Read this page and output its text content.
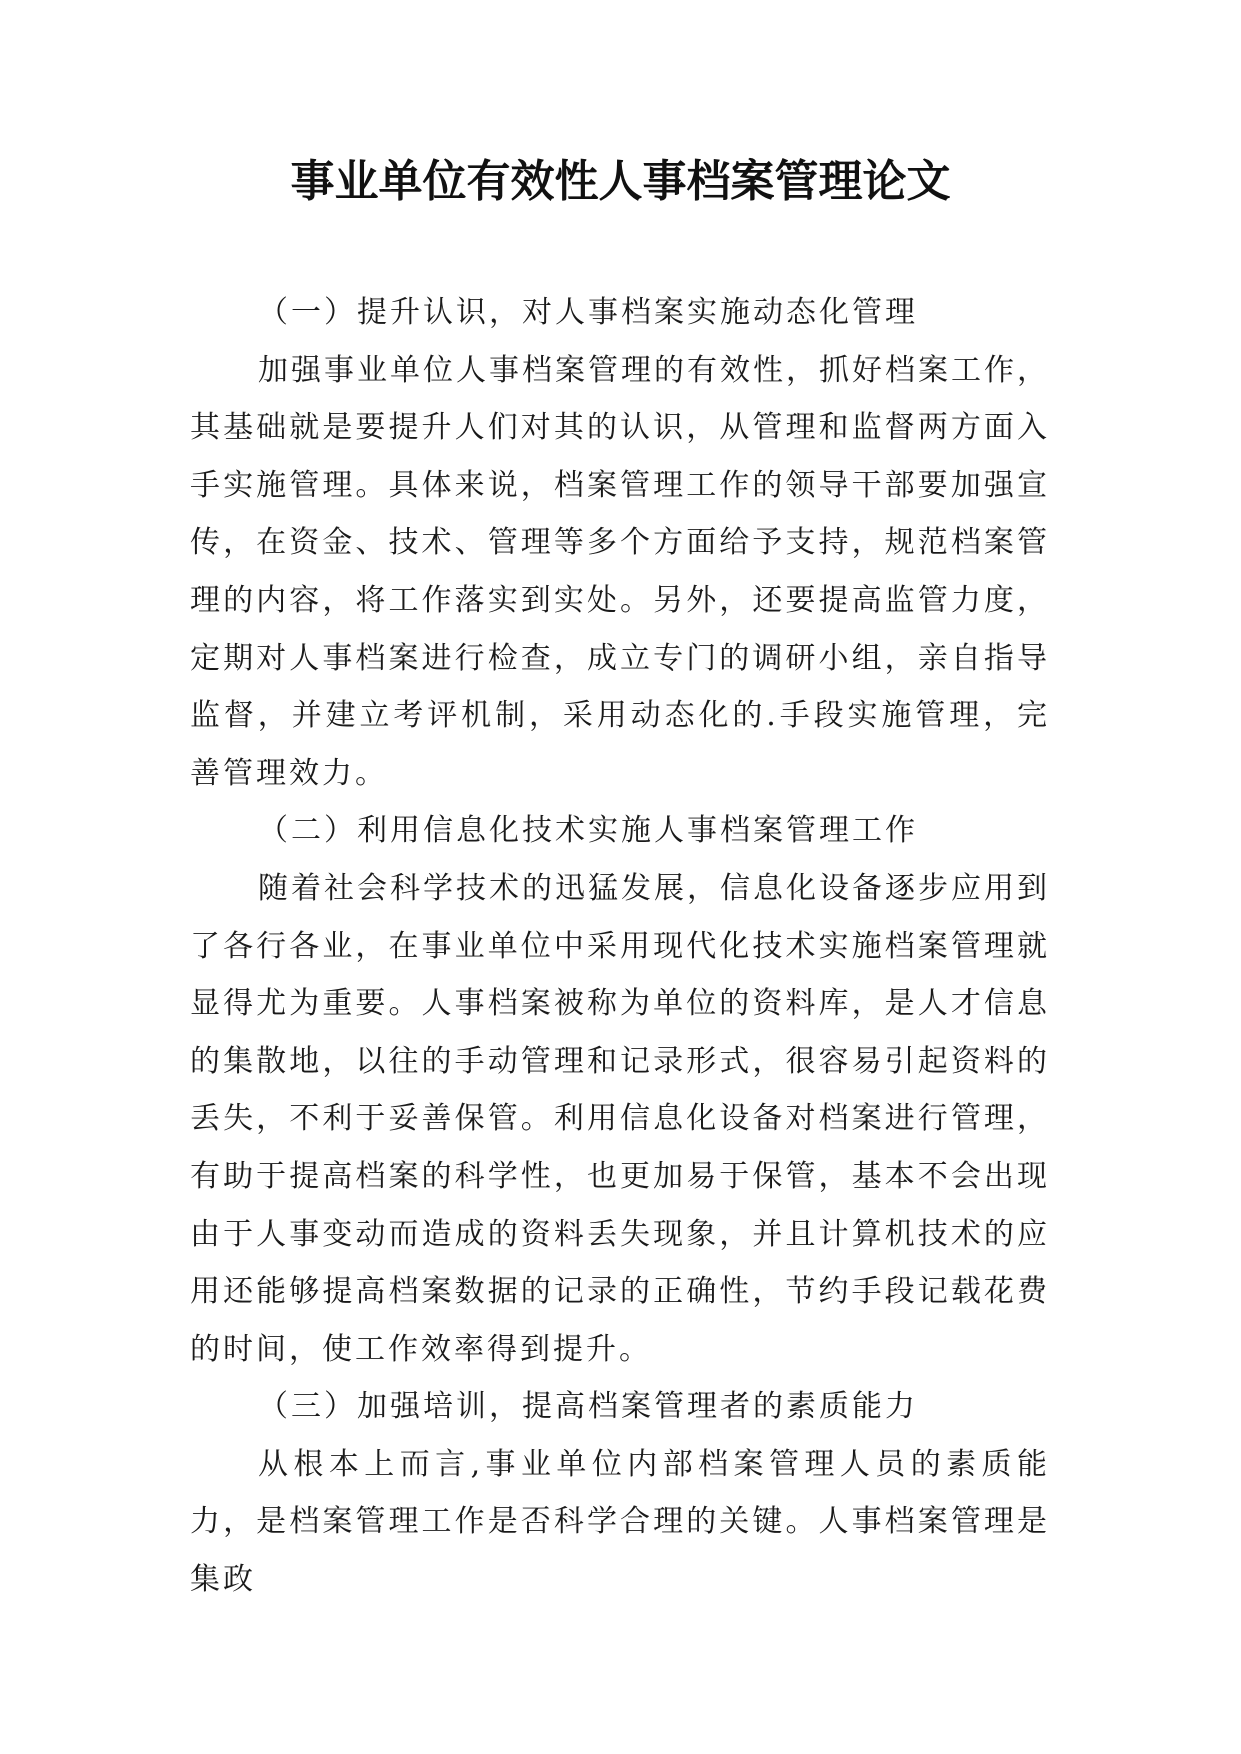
事业单位有效性人事档案管理论文

（一）提升认识，对人事档案实施动态化管理

加强事业单位人事档案管理的有效性，抓好档案工作，其基础就是要提升人们对其的认识，从管理和监督两方面入手实施管理。具体来说，档案管理工作的领导干部要加强宣传，在资金、技术、管理等多个方面给予支持，规范档案管理的内容，将工作落实到实处。另外，还要提高监管力度，定期对人事档案进行检查，成立专门的调研小组，亲自指导监督，并建立考评机制，采用动态化的.手段实施管理，完善管理效力。

（二）利用信息化技术实施人事档案管理工作

随着社会科学技术的迅猛发展，信息化设备逐步应用到了各行各业，在事业单位中采用现代化技术实施档案管理就显得尤为重要。人事档案被称为单位的资料库，是人才信息的集散地，以往的手动管理和记录形式，很容易引起资料的丢失，不利于妥善保管。利用信息化设备对档案进行管理，有助于提高档案的科学性，也更加易于保管，基本不会出现由于人事变动而造成的资料丢失现象，并且计算机技术的应用还能够提高档案数据的记录的正确性，节约手段记载花费的时间，使工作效率得到提升。

（三）加强培训，提高档案管理者的素质能力

从根本上而言,事业单位内部档案管理人员的素质能力，是档案管理工作是否科学合理的关键。人事档案管理是集政
